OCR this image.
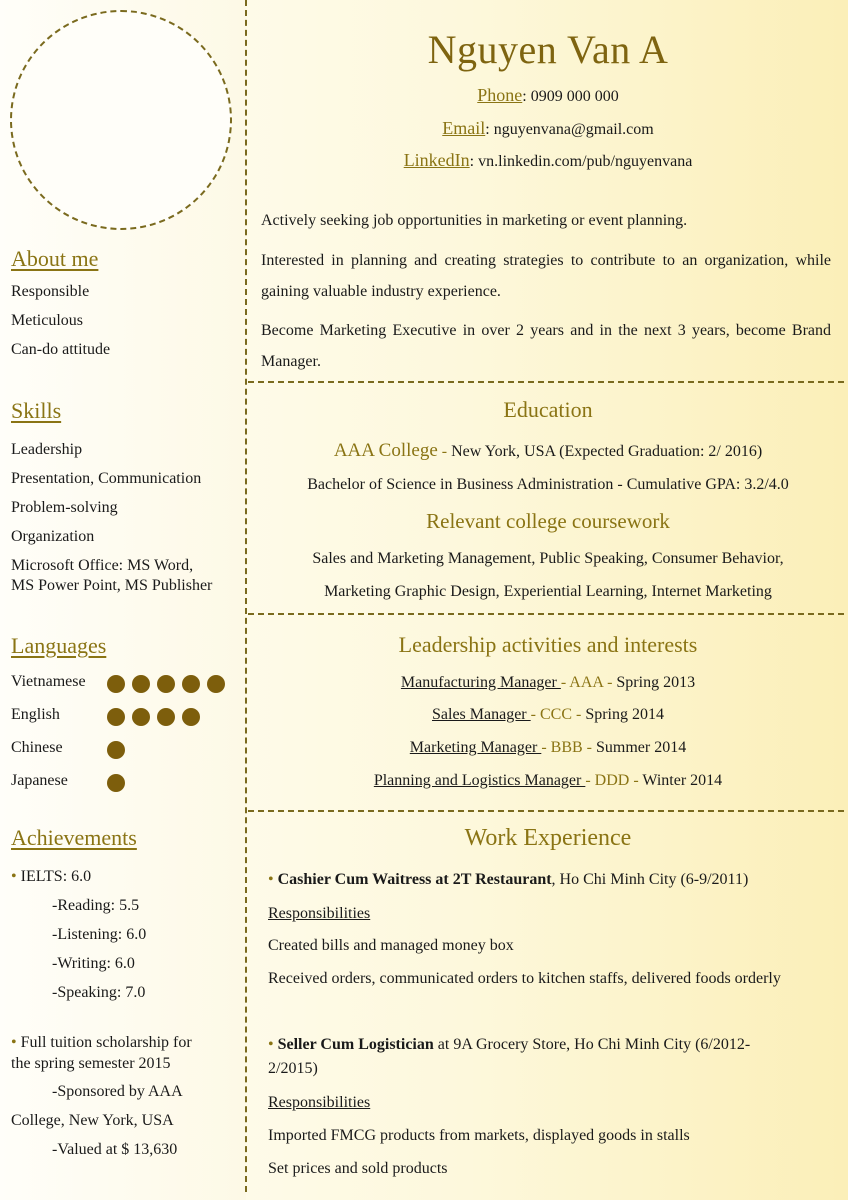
About me
Responsible
Meticulous
Can-do attitude
Skills
Leadership
Presentation, Communication
Problem-solving
Organization
Microsoft Office: MS Word,
MS Power Point, MS Publisher
Languages
Vietnamese
English
Chinese
Japanese
Achievements
• IELTS: 6.0
-Reading: 5.5
-Listening: 6.0
-Writing: 6.0
-Speaking: 7.0
• Full tuition scholarship for
the spring semester 2015
-Sponsored by AAA
College, New York, USA
-Valued at $ 13,630
Nguyen Van A
Phone: 0909 000 000
Email: nguyenvana@gmail.com
LinkedIn: vn.linkedin.com/pub/nguyenvana
Actively seeking job opportunities in marketing or event planning.
Interested in planning and creating strategies to contribute to an organization, while gaining valuable industry experience.
Become Marketing Executive in over 2 years and in the next 3 years, become Brand Manager.
Education
AAA College - New York, USA (Expected Graduation: 2/ 2016)
Bachelor of Science in Business Administration - Cumulative GPA: 3.2/4.0
Relevant college coursework
Sales and Marketing Management, Public Speaking, Consumer Behavior,
Marketing Graphic Design, Experiential Learning, Internet Marketing
Leadership activities and interests
Manufacturing Manager - AAA - Spring 2013
Sales Manager - CCC - Spring 2014
Marketing Manager - BBB - Summer 2014
Planning and Logistics Manager - DDD - Winter 2014
Work Experience
• Cashier Cum Waitress at 2T Restaurant, Ho Chi Minh City (6-9/2011)
Responsibilities
Created bills and managed money box
Received orders, communicated orders to kitchen staffs, delivered foods orderly
• Seller Cum Logistician at 9A Grocery Store, Ho Chi Minh City (6/2012-
2/2015)
Responsibilities
Imported FMCG products from markets, displayed goods in stalls
Set prices and sold products
